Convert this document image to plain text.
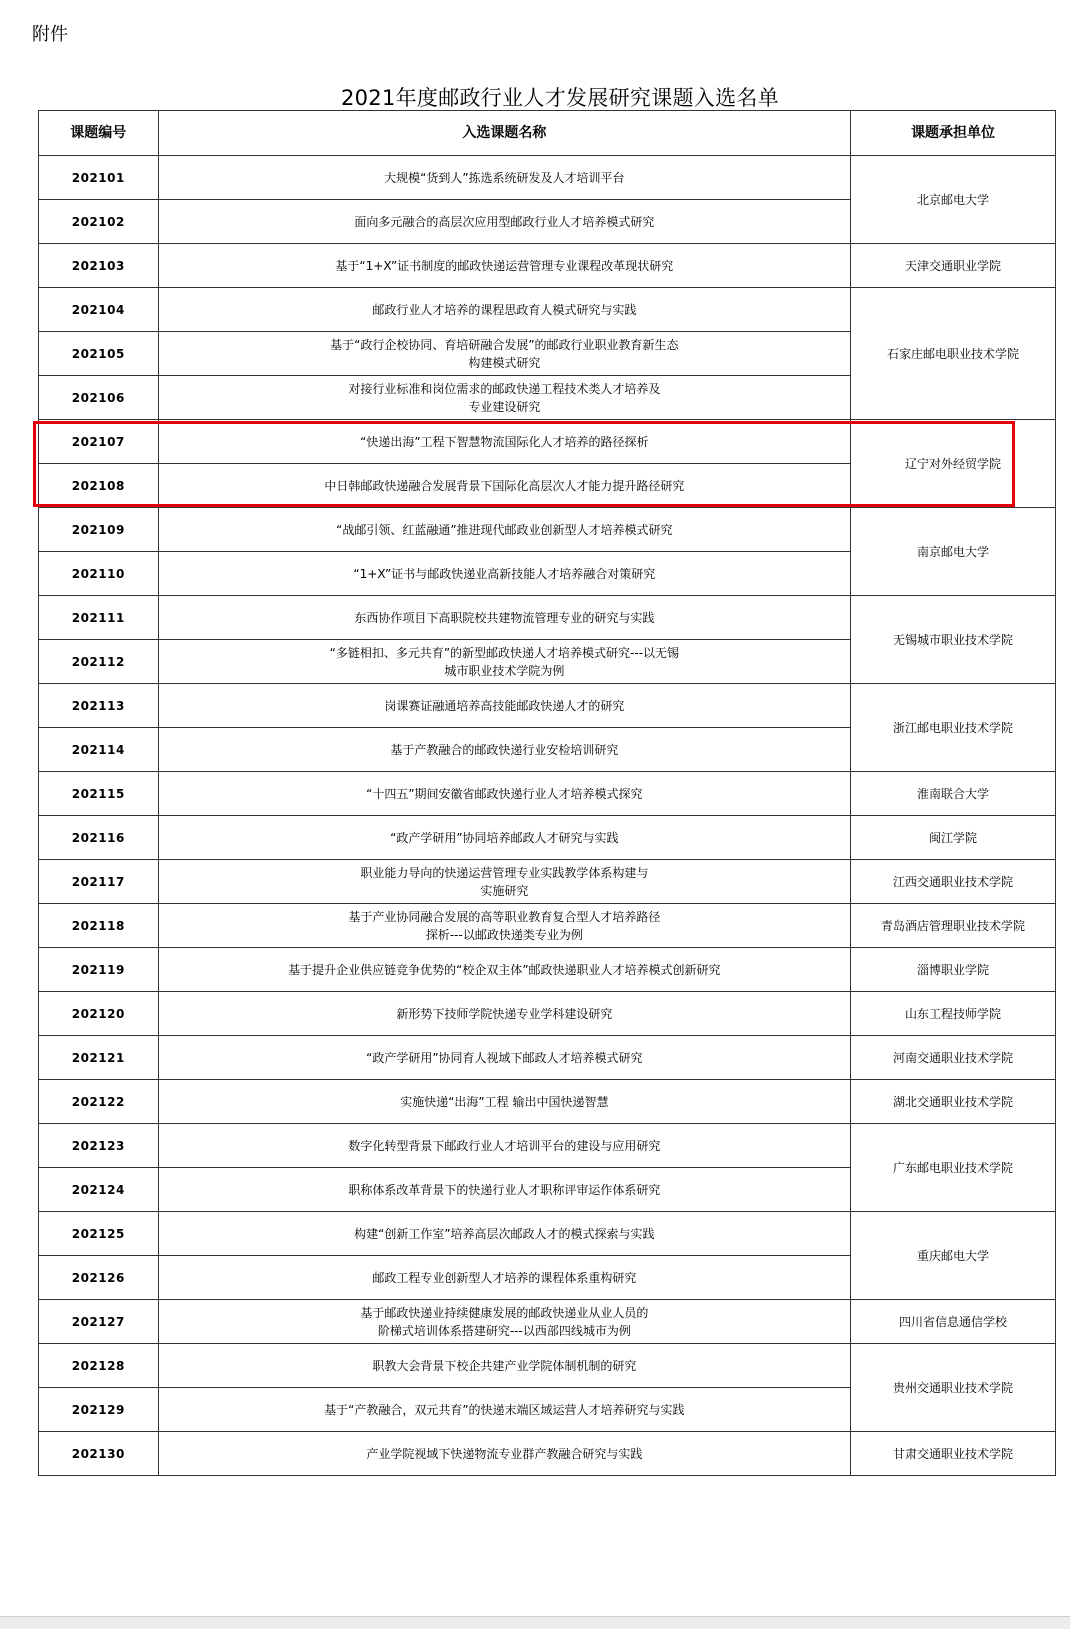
附件
2021年度邮政行业人才发展研究课题入选名单
课题编号	入选课题名称	课题承担单位
202101	大规模“货到人”拣选系统研发及人才培训平台	北京邮电大学
202102	面向多元融合的高层次应用型邮政行业人才培养模式研究	
202103	基于“1+X”证书制度的邮政快递运营管理专业课程改革现状研究	天津交通职业学院
202104	邮政行业人才培养的课程思政育人模式研究与实践	石家庄邮电职业技术学院
202105	基于“政行企校协同、育培研融合发展”的邮政行业职业教育新生态
构建模式研究	
202106	对接行业标准和岗位需求的邮政快递工程技术类人才培养及
专业建设研究	
202107	“快递出海”工程下智慧物流国际化人才培养的路径探析	辽宁对外经贸学院
202108	中日韩邮政快递融合发展背景下国际化高层次人才能力提升路径研究	
202109	“战邮引领、红蓝融通”推进现代邮政业创新型人才培养模式研究	南京邮电大学
202110	“1+X”证书与邮政快递业高新技能人才培养融合对策研究	
202111	东西协作项目下高职院校共建物流管理专业的研究与实践	无锡城市职业技术学院
202112	“多链相扣、多元共育”的新型邮政快递人才培养模式研究---以无锡
城市职业技术学院为例	
202113	岗课赛证融通培养高技能邮政快递人才的研究	浙江邮电职业技术学院
202114	基于产教融合的邮政快递行业安检培训研究	
202115	“十四五”期间安徽省邮政快递行业人才培养模式探究	淮南联合大学
202116	“政产学研用”协同培养邮政人才研究与实践	闽江学院
202117	职业能力导向的快递运营管理专业实践教学体系构建与
实施研究	江西交通职业技术学院
202118	基于产业协同融合发展的高等职业教育复合型人才培养路径
探析---以邮政快递类专业为例	青岛酒店管理职业技术学院
202119	基于提升企业供应链竞争优势的“校企双主体”邮政快递职业人才培养模式创新研究	淄博职业学院
202120	新形势下技师学院快递专业学科建设研究	山东工程技师学院
202121	“政产学研用”协同育人视域下邮政人才培养模式研究	河南交通职业技术学院
202122	实施快递“出海”工程 输出中国快递智慧	湖北交通职业技术学院
202123	数字化转型背景下邮政行业人才培训平台的建设与应用研究	广东邮电职业技术学院
202124	职称体系改革背景下的快递行业人才职称评审运作体系研究	
202125	构建“创新工作室”培养高层次邮政人才的模式探索与实践	重庆邮电大学
202126	邮政工程专业创新型人才培养的课程体系重构研究	
202127	基于邮政快递业持续健康发展的邮政快递业从业人员的
阶梯式培训体系搭建研究---以西部四线城市为例	四川省信息通信学校
202128	职教大会背景下校企共建产业学院体制机制的研究	贵州交通职业技术学院
202129	基于“产教融合，双元共育”的快递末端区域运营人才培养研究与实践	
202130	产业学院视域下快递物流专业群产教融合研究与实践	甘肃交通职业技术学院
